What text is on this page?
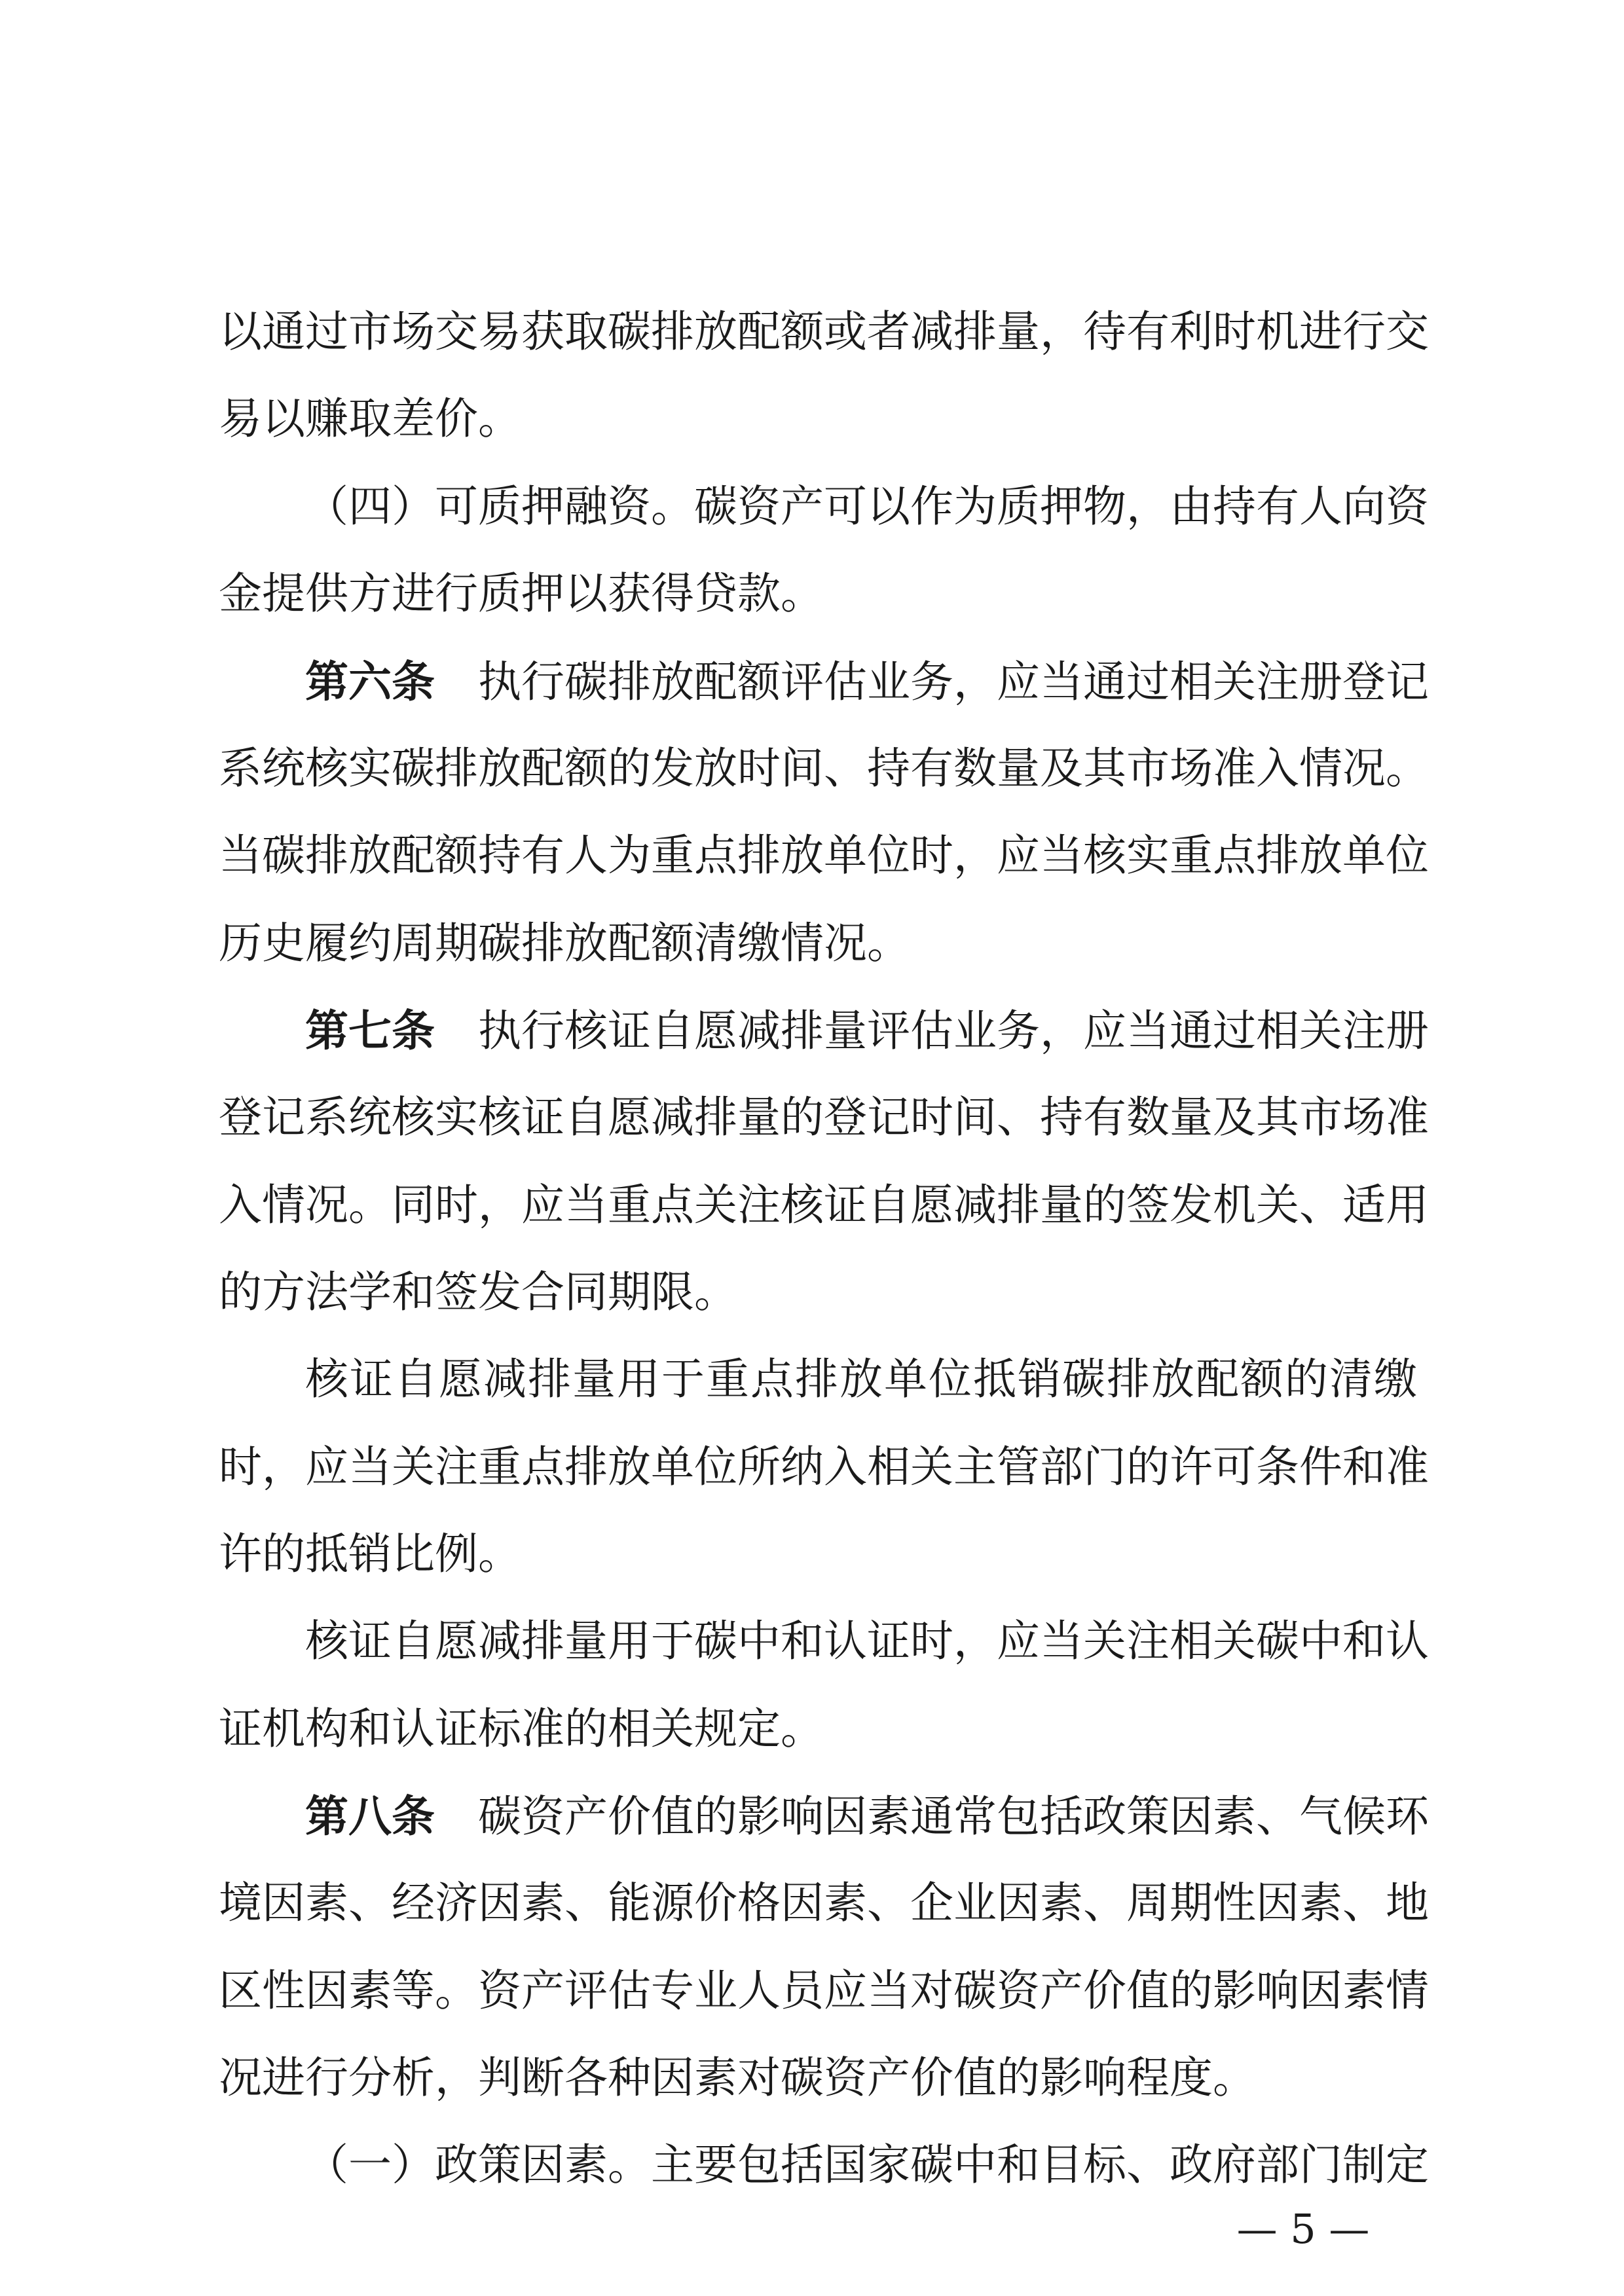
以通过市场交易获取碳排放配额或者减排量，待有利时机进行交
易以赚取差价。
（四）可质押融资。碳资产可以作为质押物，由持有人向资
金提供方进行质押以获得贷款。
第六条 执行碳排放配额评估业务，应当通过相关注册登记
系统核实碳排放配额的发放时间、持有数量及其市场准入情况。
当碳排放配额持有人为重点排放单位时，应当核实重点排放单位
历史履约周期碳排放配额清缴情况。
第七条 执行核证自愿减排量评估业务，应当通过相关注册
登记系统核实核证自愿减排量的登记时间、持有数量及其市场准
入情况。同时，应当重点关注核证自愿减排量的签发机关、适用
的方法学和签发合同期限。
核证自愿减排量用于重点排放单位抵销碳排放配额的清缴
时，应当关注重点排放单位所纳入相关主管部门的许可条件和准
许的抵销比例。
核证自愿减排量用于碳中和认证时，应当关注相关碳中和认
证机构和认证标准的相关规定。
第八条 碳资产价值的影响因素通常包括政策因素、气候环
境因素、经济因素、能源价格因素、企业因素、周期性因素、地
区性因素等。资产评估专业人员应当对碳资产价值的影响因素情
况进行分析，判断各种因素对碳资产价值的影响程度。
（一）政策因素。主要包括国家碳中和目标、政府部门制定
— 5 —
